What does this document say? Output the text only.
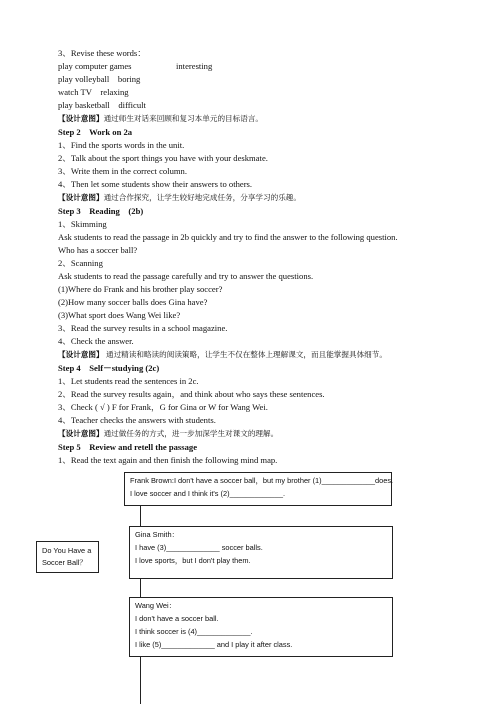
3、Revise these words：
play computer games	interesting
play volleyball    boring
watch TV    relaxing
play basketball    difficult
【设计意图】通过师生对话来回顾和复习本单元的目标语言。
Step 2    Work on 2a
1、Find the sports words in the unit.
2、Talk about the sport things you have with your deskmate.
3、Write them in the correct column.
4、Then let some students show their answers to others.
【设计意图】通过合作探究，让学生较好地完成任务，分享学习的乐趣。
Step 3    Reading    (2b)
1、Skimming
Ask students to read the passage in 2b quickly and try to find the answer to the following question.
Who has a soccer ball?
2、Scanning
Ask students to read the passage carefully and try to answer the questions.
(1)Where do Frank and his brother play soccer?
(2)How many soccer balls does Gina have?
(3)What sport does Wang Wei like?
3、Read the survey results in a school magazine.
4、Check the answer.
【设计意图】 通过精读和略读的阅读策略，让学生不仅在整体上理解课文，而且能掌握具体细节。
Step 4    Self－studying (2c)
1、Let students read the sentences in 2c.
2、Read the survey results again，and think about who says these sentences.
3、Check ( √ ) F for Frank，G for Gina or W for Wang Wei.
4、Teacher checks the answers with students.
【设计意图】通过做任务的方式，进一步加深学生对课文的理解。
Step 5    Review and retell the passage
1、Read the text again and then finish the following mind map.
Do You Have a
Soccer Ball？
Frank Brown:I don't have a soccer ball，but my brother (1)_____________does.
I love soccer and I think it's (2)_____________.
Gina Smith：
I have (3)_____________ soccer balls.
I love sports，but I don't play them.
Wang Wei：
I don't have a soccer ball.
I think soccer is (4)_____________.
I like (5)_____________ and I play it after class.
